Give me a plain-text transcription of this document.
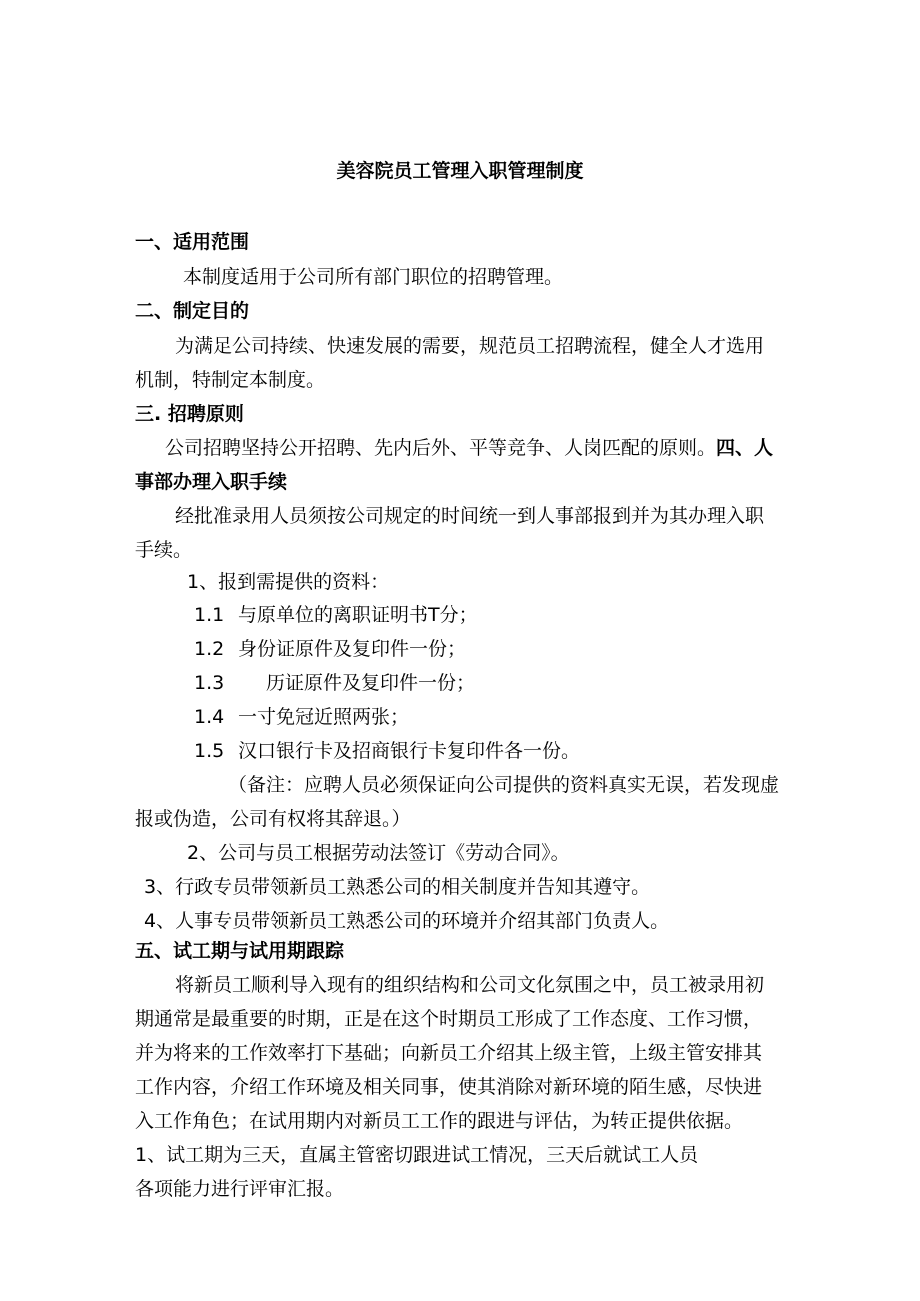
美容院员工管理入职管理制度
一、适用范围
本制度适用于公司所有部门职位的招聘管理。
二、制定目的
为满足公司持续、快速发展的需要，规范员工招聘流程，健全人才选用
机制，特制定本制度。
三. 招聘原则
公司招聘坚持公开招聘、先内后外、平等竞争、人岗匹配的原则。四、人
事部办理入职手续
经批准录用人员须按公司规定的时间统一到人事部报到并为其办理入职
手续。
1、报到需提供的资料：
1.1 与原单位的离职证明书T分；
1.2 身份证原件及复印件一份；
1.3 历证原件及复印件一份；
1.4 一寸免冠近照两张；
1.5 汉口银行卡及招商银行卡复印件各一份。
（备注：应聘人员必须保证向公司提供的资料真实无误，若发现虚
报或伪造，公司有权将其辞退。）
2、公司与员工根据劳动法签订《劳动合同》。
3、行政专员带领新员工熟悉公司的相关制度并告知其遵守。
4、人事专员带领新员工熟悉公司的环境并介绍其部门负责人。
五、试工期与试用期跟踪
将新员工顺利导入现有的组织结构和公司文化氛围之中，员工被录用初
期通常是最重要的时期，正是在这个时期员工形成了工作态度、工作习惯，
并为将来的工作效率打下基础；向新员工介绍其上级主管，上级主管安排其
工作内容，介绍工作环境及相关同事，使其消除对新环境的陌生感，尽快进
入工作角色；在试用期内对新员工工作的跟进与评估，为转正提供依据。
1、试工期为三天，直属主管密切跟进试工情况，三天后就试工人员
各项能力进行评审汇报。
